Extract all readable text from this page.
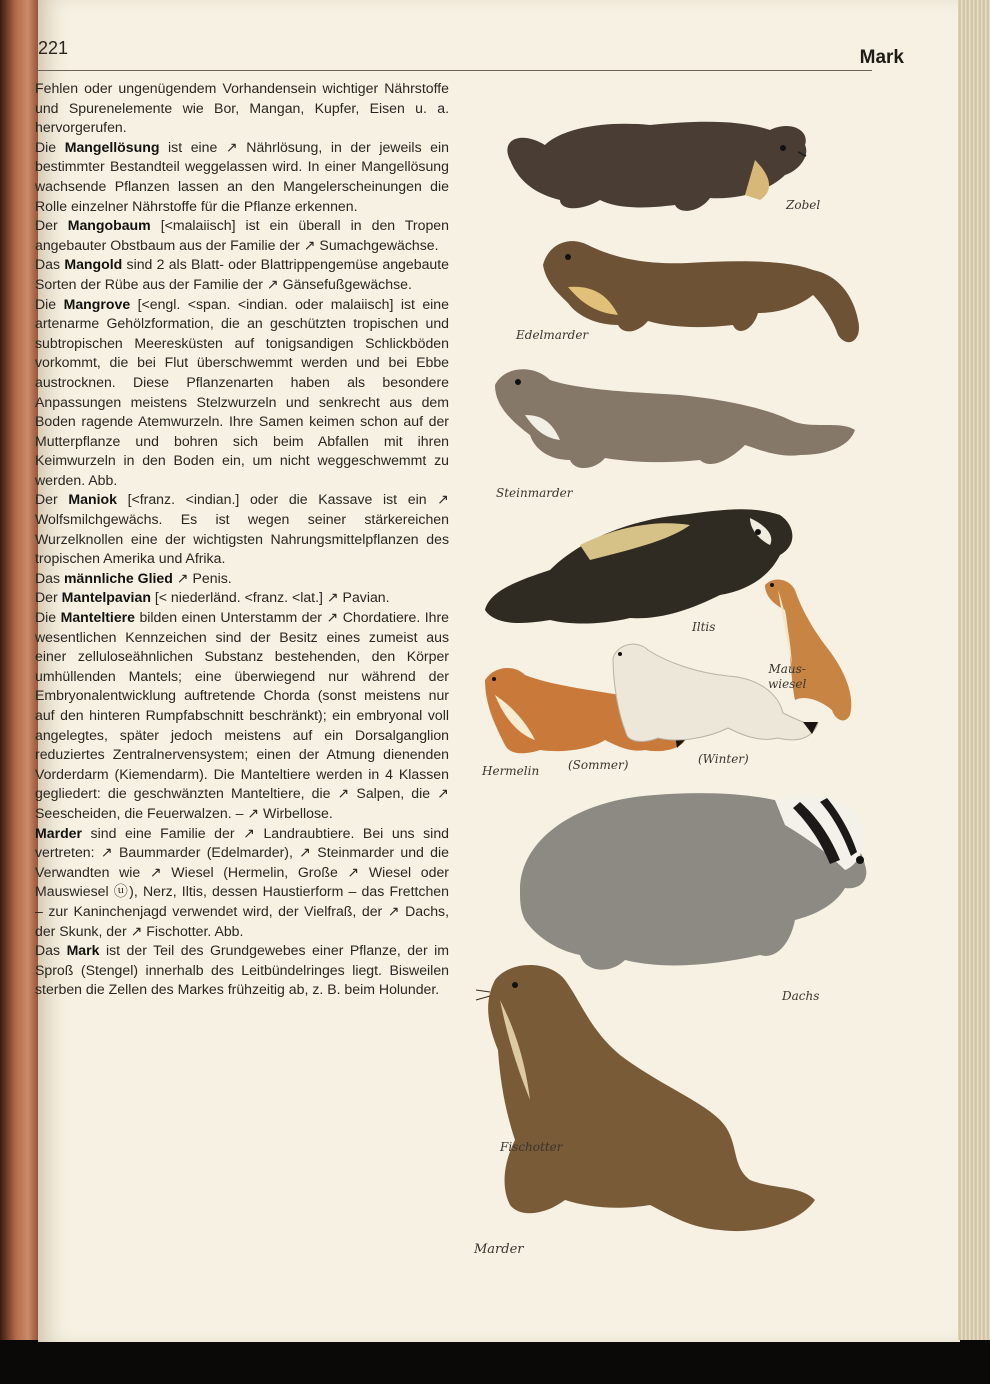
221	Mark

Fehlen oder ungenügendem Vorhandensein wichtiger Nährstoffe und Spurenelemente wie Bor, Mangan, Kupfer, Eisen u. a. hervorgerufen.

Die Mangellösung ist eine ↗ Nährlösung, in der jeweils ein bestimmter Bestandteil weggelassen wird. In einer Mangellösung wachsende Pflanzen lassen an den Mangelerscheinungen die Rolle einzelner Nährstoffe für die Pflanze erkennen.

Der Mangobaum [<malaiisch] ist ein überall in den Tropen angebauter Obstbaum aus der Familie der ↗ Sumachgewächse.

Das Mangold sind 2 als Blatt- oder Blattrippengemüse angebaute Sorten der Rübe aus der Familie der ↗ Gänsefußgewächse.

Die Mangrove [<engl. <span. <indian. oder malaiisch] ist eine artenarme Gehölzformation, die an geschützten tropischen und subtropischen Meeresküsten auf tonigsandigen Schlickböden vorkommt, die bei Flut überschwemmt werden und bei Ebbe austrocknen. Diese Pflanzenarten haben als besondere Anpassungen meistens Stelzwurzeln und senkrecht aus dem Boden ragende Atemwurzeln. Ihre Samen keimen schon auf der Mutterpflanze und bohren sich beim Abfallen mit ihren Keimwurzeln in den Boden ein, um nicht weggeschwemmt zu werden. Abb.

Der Maniok [<franz. <indian.] oder die Kassave ist ein ↗ Wolfsmilchgewächs. Es ist wegen seiner stärkereichen Wurzelknollen eine der wichtigsten Nahrungsmittelpflanzen des tropischen Amerika und Afrika.

Das männliche Glied ↗ Penis.

Der Mantelpavian [< niederländ. <franz. <lat.] ↗ Pavian.

Die Manteltiere bilden einen Unterstamm der ↗ Chordatiere. Ihre wesentlichen Kennzeichen sind der Besitz eines zumeist aus einer zelluloseähnlichen Substanz bestehenden, den Körper umhüllenden Mantels; eine überwiegend nur während der Embryonalentwicklung auftretende Chorda (sonst meistens nur auf den hinteren Rumpfabschnitt beschränkt); ein embryonal voll angelegtes, später jedoch meistens auf ein Dorsalganglion reduziertes Zentralnervensystem; einen der Atmung dienenden Vorderdarm (Kiemendarm). Die Manteltiere werden in 4 Klassen gegliedert: die geschwänzten Manteltiere, die ↗ Salpen, die ↗ Seescheiden, die Feuerwalzen. – ↗ Wirbellose.

Marder sind eine Familie der ↗ Landraubtiere. Bei uns sind vertreten: ↗ Baummarder (Edelmarder), ↗ Steinmarder und die Verwandten wie ↗ Wiesel (Hermelin, Große ↗ Wiesel oder Mauswiesel ⓤ), Nerz, Iltis, dessen Haustierform – das Frettchen – zur Kaninchenjagd verwendet wird, der Vielfraß, der ↗ Dachs, der Skunk, der ↗ Fischotter. Abb.

Das Mark ist der Teil des Grundgewebes einer Pflanze, der im Sproß (Stengel) innerhalb des Leitbündelringes liegt. Bisweilen sterben die Zellen des Markes frühzeitig ab, z. B. beim Holunder.

Zobel
Edelmarder
Steinmarder
Iltis
Maus-
wiesel
Hermelin (Sommer)	(Winter)
Dachs
Fischotter
Marder
